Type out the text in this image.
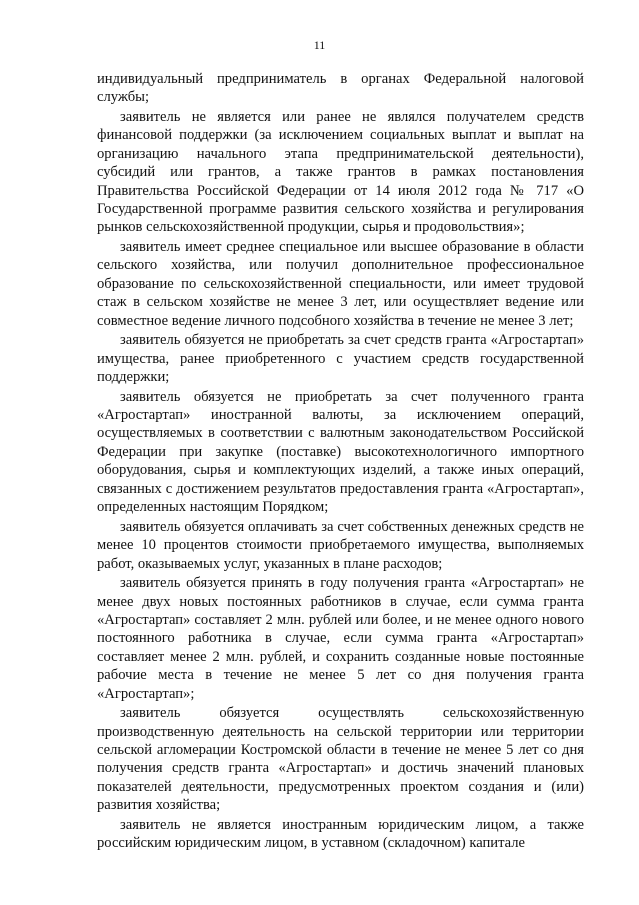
11

индивидуальный предприниматель в органах Федеральной налоговой службы;

заявитель не является или ранее не являлся получателем средств финансовой поддержки (за исключением социальных выплат и выплат на организацию начального этапа предпринимательской деятельности), субсидий или грантов, а также грантов в рамках постановления Правительства Российской Федерации от 14 июля 2012 года № 717 «О Государственной программе развития сельского хозяйства и регулирования рынков сельскохозяйственной продукции, сырья и продовольствия»;

заявитель имеет среднее специальное или высшее образование в области сельского хозяйства, или получил дополнительное профессиональное образование по сельскохозяйственной специальности, или имеет трудовой стаж в сельском хозяйстве не менее 3 лет, или осуществляет ведение или совместное ведение личного подсобного хозяйства в течение не менее 3 лет;

заявитель обязуется не приобретать за счет средств гранта «Агростартап» имущества, ранее приобретенного с участием средств государственной поддержки;

заявитель обязуется не приобретать за счет полученного гранта «Агростартап» иностранной валюты, за исключением операций, осуществляемых в соответствии с валютным законодательством Российской Федерации при закупке (поставке) высокотехнологичного импортного оборудования, сырья и комплектующих изделий, а также иных операций, связанных с достижением результатов предоставления гранта «Агростартап», определенных настоящим Порядком;

заявитель обязуется оплачивать за счет собственных денежных средств не менее 10 процентов стоимости приобретаемого имущества, выполняемых работ, оказываемых услуг, указанных в плане расходов;

заявитель обязуется принять в году получения гранта «Агростартап» не менее двух новых постоянных работников в случае, если сумма гранта «Агростартап» составляет 2 млн. рублей или более, и не менее одного нового постоянного работника в случае, если сумма гранта «Агростартап» составляет менее 2 млн. рублей, и сохранить созданные новые постоянные рабочие места в течение не менее 5 лет со дня получения гранта «Агростартап»;

заявитель обязуется осуществлять сельскохозяйственную производственную деятельность на сельской территории или территории сельской агломерации Костромской области в течение не менее 5 лет со дня получения средств гранта «Агростартап» и достичь значений плановых показателей деятельности, предусмотренных проектом создания и (или) развития хозяйства;

заявитель не является иностранным юридическим лицом, а также российским юридическим лицом, в уставном (складочном) капитале
